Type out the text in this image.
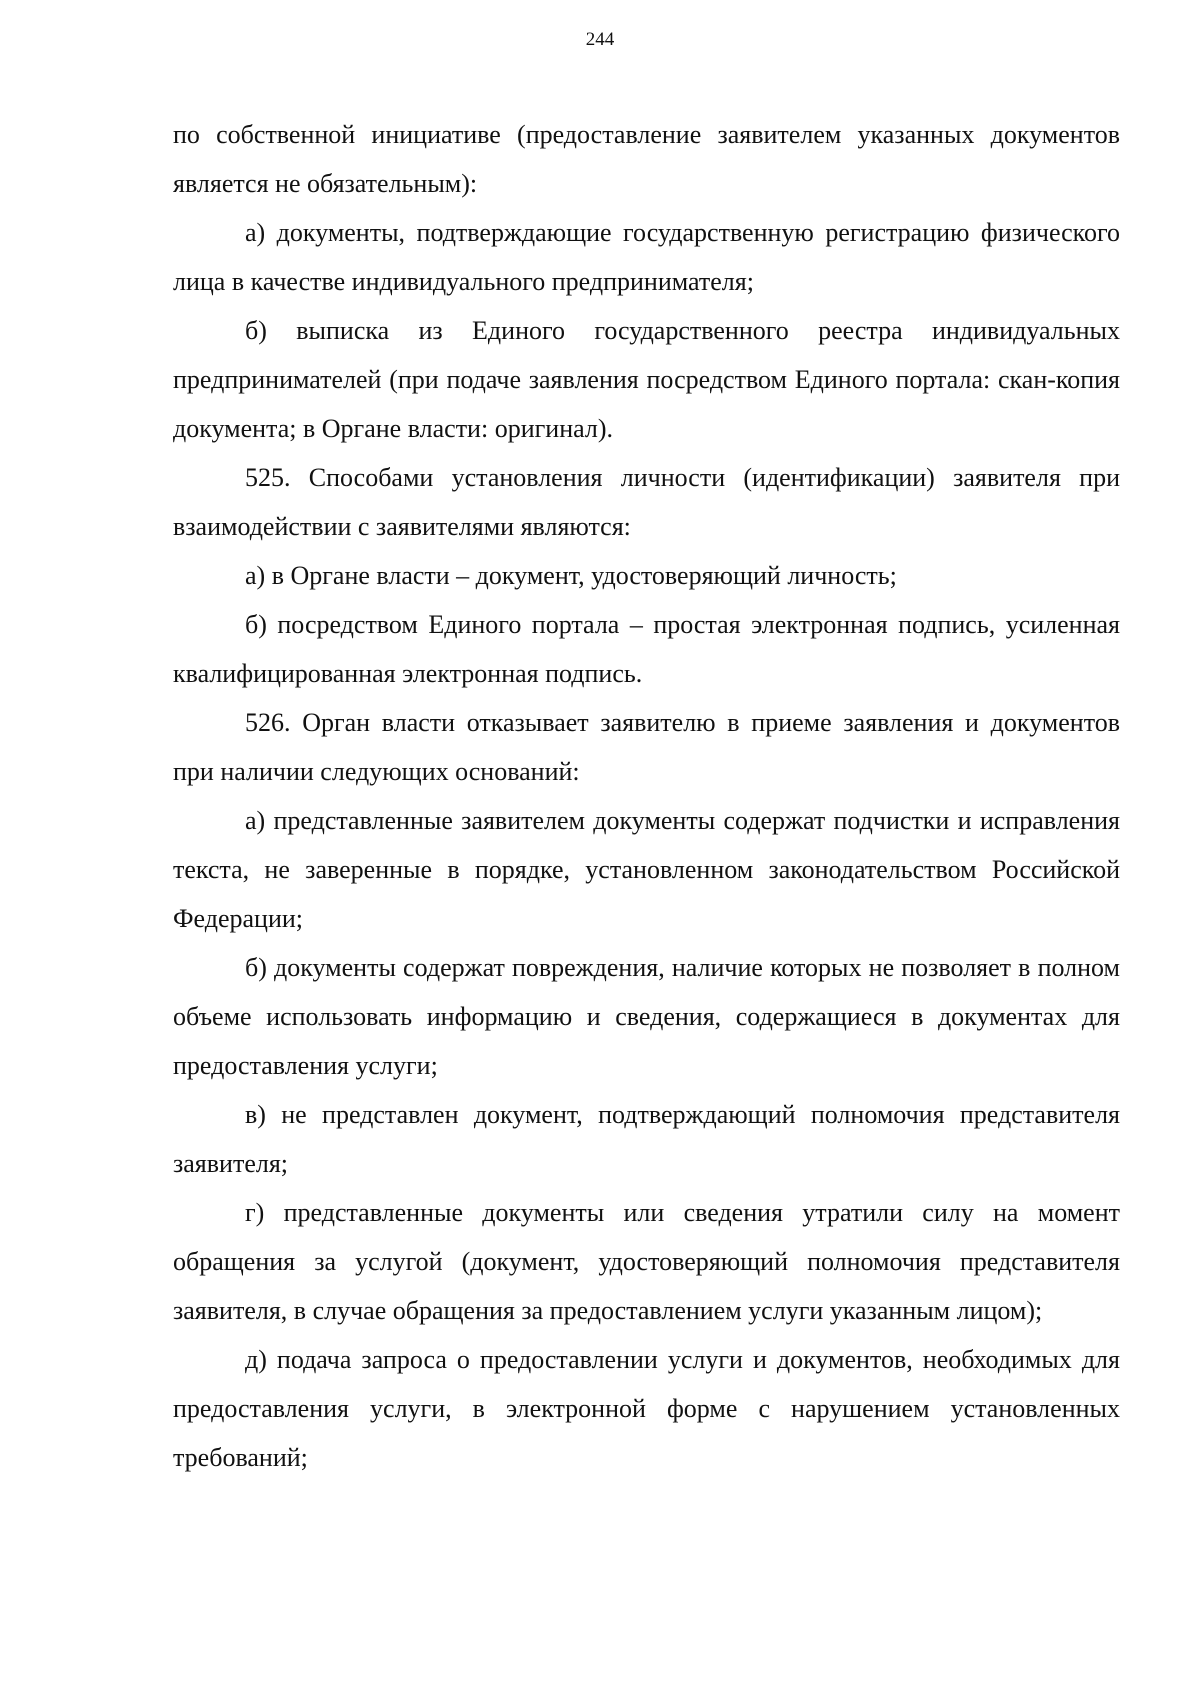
244

по собственной инициативе (предоставление заявителем указанных документов является не обязательным):

а) документы, подтверждающие государственную регистрацию физического лица в качестве индивидуального предпринимателя;

б) выписка из Единого государственного реестра индивидуальных предпринимателей (при подаче заявления посредством Единого портала: скан-копия документа; в Органе власти: оригинал).

525. Способами установления личности (идентификации) заявителя при взаимодействии с заявителями являются:

а) в Органе власти – документ, удостоверяющий личность;

б) посредством Единого портала – простая электронная подпись, усиленная квалифицированная электронная подпись.

526. Орган власти отказывает заявителю в приеме заявления и документов при наличии следующих оснований:

а) представленные заявителем документы содержат подчистки и исправления текста, не заверенные в порядке, установленном законодательством Российской Федерации;

б) документы содержат повреждения, наличие которых не позволяет в полном объеме использовать информацию и сведения, содержащиеся в документах для предоставления услуги;

в) не представлен документ, подтверждающий полномочия представителя заявителя;

г) представленные документы или сведения утратили силу на момент обращения за услугой (документ, удостоверяющий полномочия представителя заявителя, в случае обращения за предоставлением услуги указанным лицом);

д) подача запроса о предоставлении услуги и документов, необходимых для предоставления услуги, в электронной форме с нарушением установленных требований;
